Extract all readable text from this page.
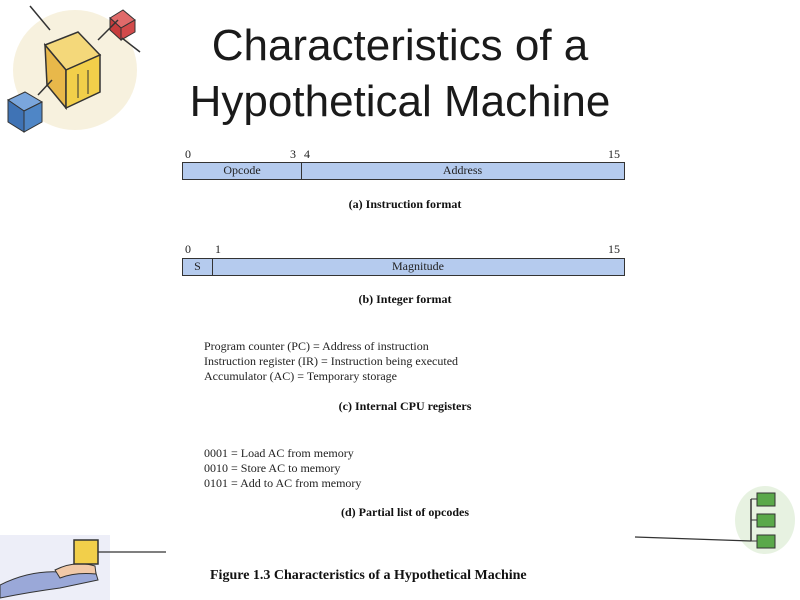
Characteristics of a
Hypothetical Machine
0	3 4	15
Opcode	Address
(a) Instruction format
0 1	15
S	Magnitude
(b) Integer format
Program counter (PC) = Address of instruction
Instruction register (IR) = Instruction being executed
Accumulator (AC) = Temporary storage
(c) Internal CPU registers
0001 = Load AC from memory
0010 = Store AC to memory
0101 = Add to AC from memory
(d) Partial list of opcodes
Figure 1.3 Characteristics of a Hypothetical Machine
